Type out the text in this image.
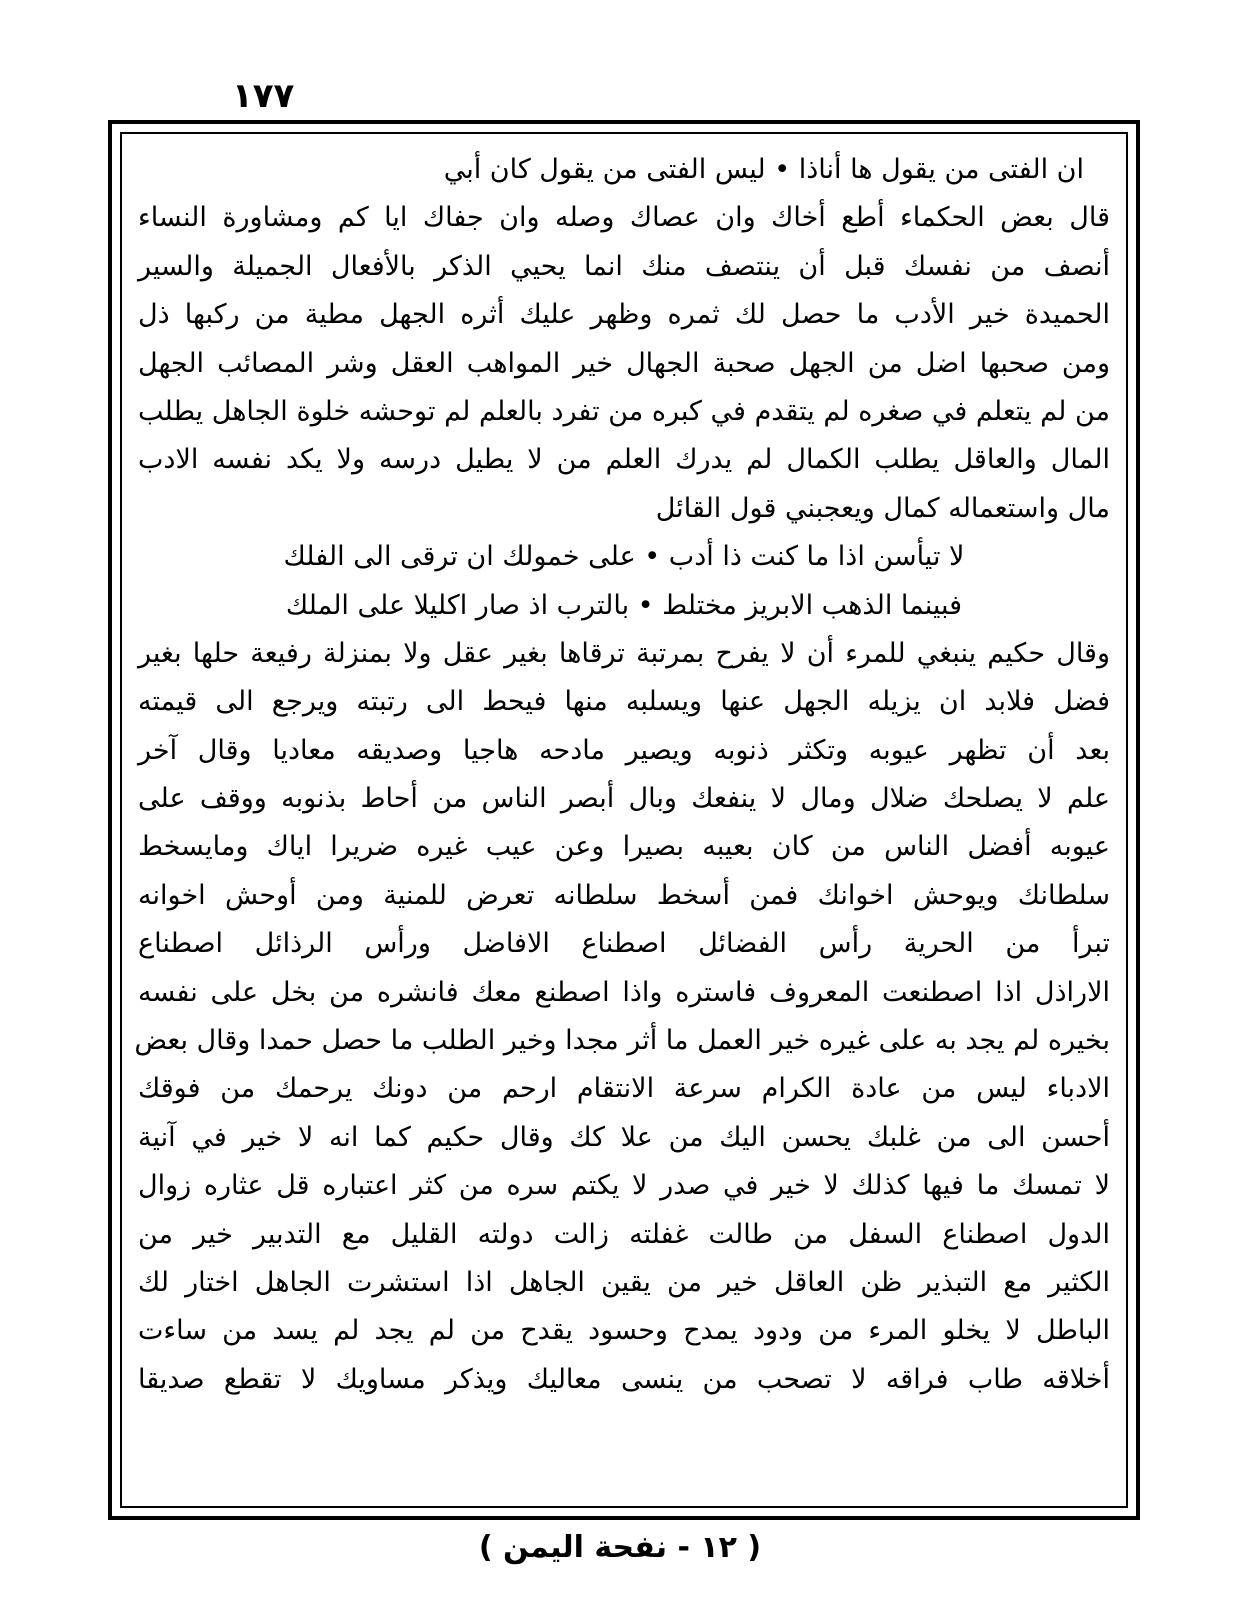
١٧٧
ان الفتى من يقول ها أناذا • ليس الفتى من يقول كان أبي
قال بعض الحكماء أطع أخاك وان عصاك وصله وان جفاك ايا كم ومشاورة النساء
أنصف من نفسك قبل أن ينتصف منك انما يحيي الذكر بالأفعال الجميلة والسير
الحميدة خير الأدب ما حصل لك ثمره وظهر عليك أثره الجهل مطية من ركبها ذل
ومن صحبها اضل من الجهل صحبة الجهال خير المواهب العقل وشر المصائب الجهل
من لم يتعلم في صغره لم يتقدم في كبره من تفرد بالعلم لم توحشه خلوة الجاهل يطلب
المال والعاقل يطلب الكمال لم يدرك العلم من لا يطيل درسه ولا يكد نفسه الادب
مال واستعماله كمال ويعجبني قول القائل
لا تيأسن اذا ما كنت ذا أدب • على خمولك ان ترقى الى الفلك
فبينما الذهب الابريز مختلط • بالترب اذ صار اكليلا على الملك
وقال حكيم ينبغي للمرء أن لا يفرح بمرتبة ترقاها بغير عقل ولا بمنزلة رفيعة حلها بغير
فضل فلابد ان يزيله الجهل عنها ويسلبه منها فيحط الى رتبته ويرجع الى قيمته
بعد أن تظهر عيوبه وتكثر ذنوبه ويصير مادحه هاجيا وصديقه معاديا وقال آخر
علم لا يصلحك ضلال ومال لا ينفعك وبال أبصر الناس من أحاط بذنوبه ووقف على
عيوبه أفضل الناس من كان بعيبه بصيرا وعن عيب غيره ضريرا اياك ومايسخط
سلطانك ويوحش اخوانك فمن أسخط سلطانه تعرض للمنية ومن أوحش اخوانه
تبرأ من الحرية رأس الفضائل اصطناع الافاضل ورأس الرذائل اصطناع
الاراذل اذا اصطنعت المعروف فاستره واذا اصطنع معك فانشره من بخل على نفسه
بخيره لم يجد به على غيره خير العمل ما أثر مجدا وخير الطلب ما حصل حمدا وقال بعض
الادباء ليس من عادة الكرام سرعة الانتقام ارحم من دونك يرحمك من فوقك
أحسن الى من غلبك يحسن اليك من علا كك وقال حكيم كما انه لا خير في آنية
لا تمسك ما فيها كذلك لا خير في صدر لا يكتم سره من كثر اعتباره قل عثاره زوال
الدول اصطناع السفل من طالت غفلته زالت دولته القليل مع التدبير خير من
الكثير مع التبذير ظن العاقل خير من يقين الجاهل اذا استشرت الجاهل اختار لك
الباطل لا يخلو المرء من ودود يمدح وحسود يقدح من لم يجد لم يسد من ساءت
أخلاقه طاب فراقه لا تصحب من ينسى معاليك ويذكر مساويك لا تقطع صديقا
( ١٢ - نفحة اليمن )
